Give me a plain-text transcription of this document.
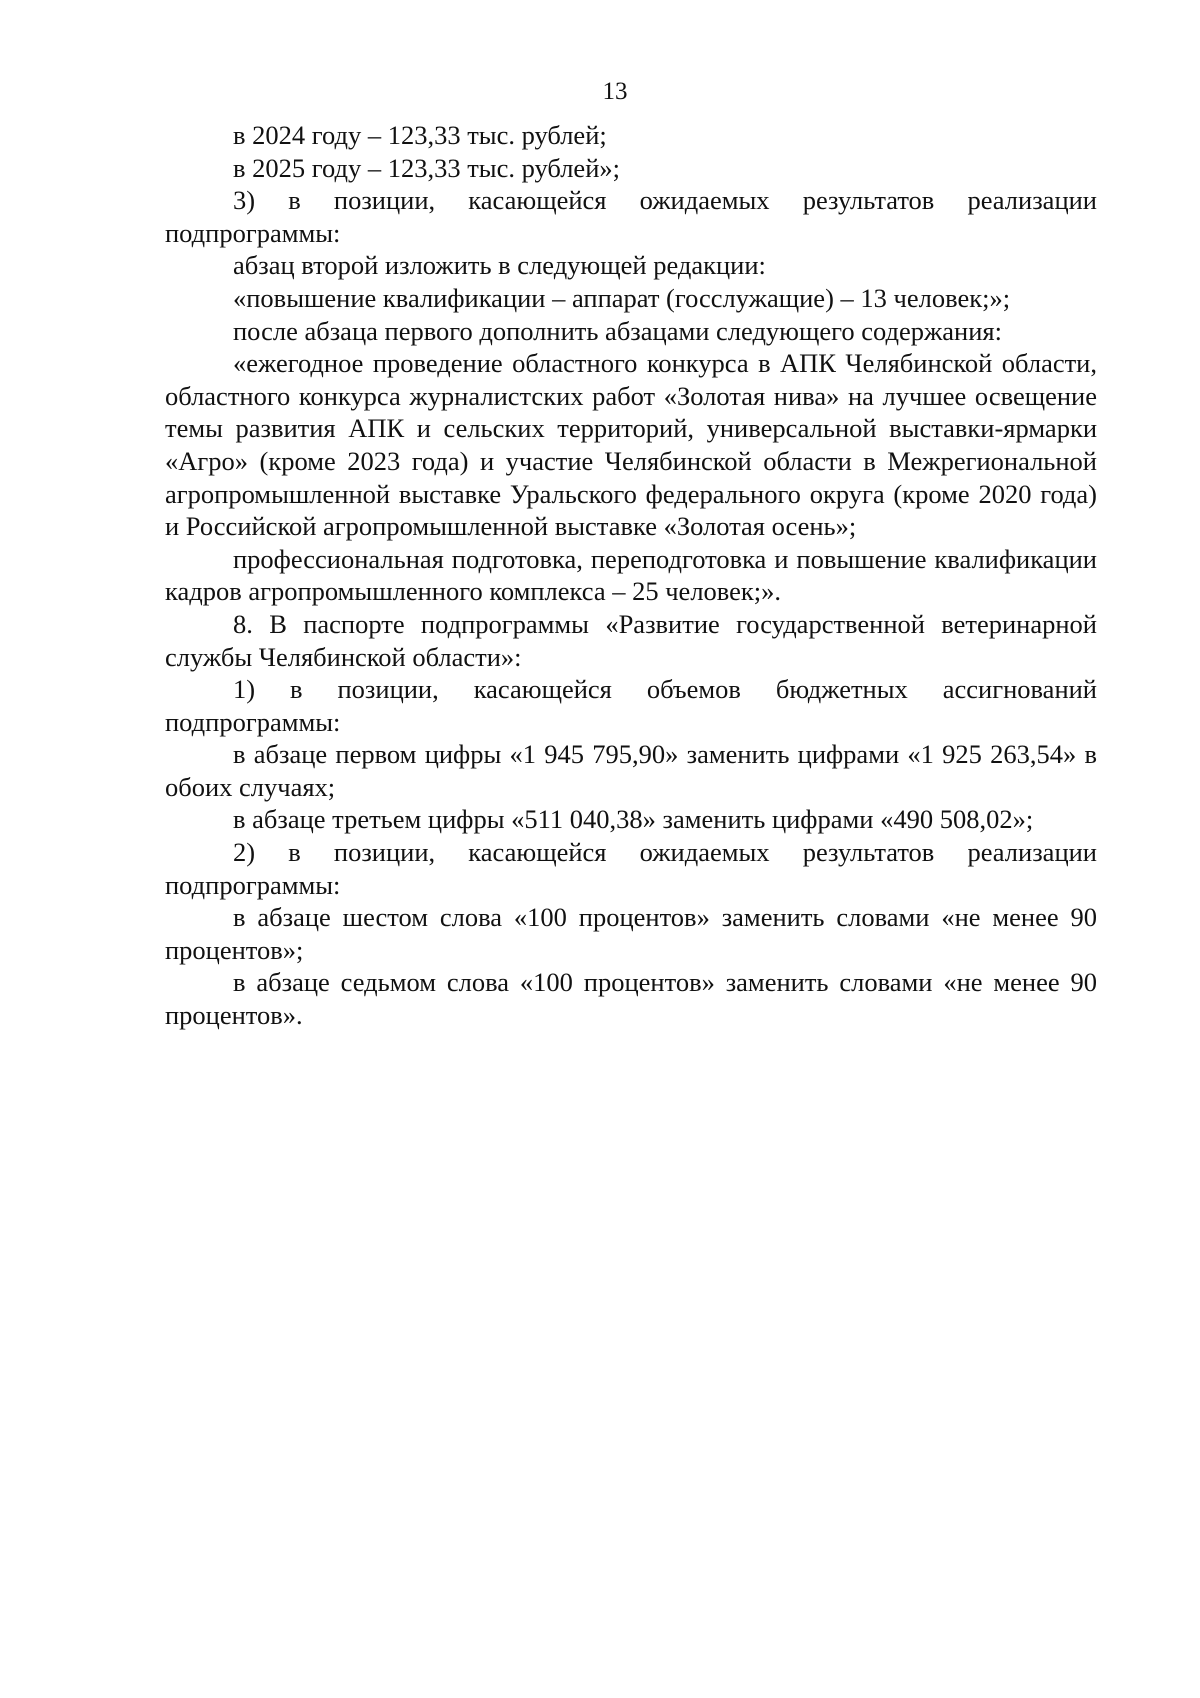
13

в 2024 году – 123,33 тыс. рублей;

в 2025 году – 123,33 тыс. рублей»;

3) в позиции, касающейся ожидаемых результатов реализации подпрограммы:

абзац второй изложить в следующей редакции:

«повышение квалификации – аппарат (госслужащие) – 13 человек;»;

после абзаца первого дополнить абзацами следующего содержания:

«ежегодное проведение областного конкурса в АПК Челябинской области, областного конкурса журналистских работ «Золотая нива» на лучшее освещение темы развития АПК и сельских территорий, универсальной выставки-ярмарки «Агро» (кроме 2023 года) и участие Челябинской области в Межрегиональной агропромышленной выставке Уральского федерального округа (кроме 2020 года) и Российской агропромышленной выставке «Золотая осень»;

профессиональная подготовка, переподготовка и повышение квалификации кадров агропромышленного комплекса – 25 человек;».

8. В паспорте подпрограммы «Развитие государственной ветеринарной службы Челябинской области»:

1) в позиции, касающейся объемов бюджетных ассигнований подпрограммы:

в абзаце первом цифры «1 945 795,90» заменить цифрами «1 925 263,54» в обоих случаях;

в абзаце третьем цифры «511 040,38» заменить цифрами «490 508,02»;

2) в позиции, касающейся ожидаемых результатов реализации подпрограммы:

в абзаце шестом слова «100 процентов» заменить словами «не менее 90 процентов»;

в абзаце седьмом слова «100 процентов» заменить словами «не менее 90 процентов».
